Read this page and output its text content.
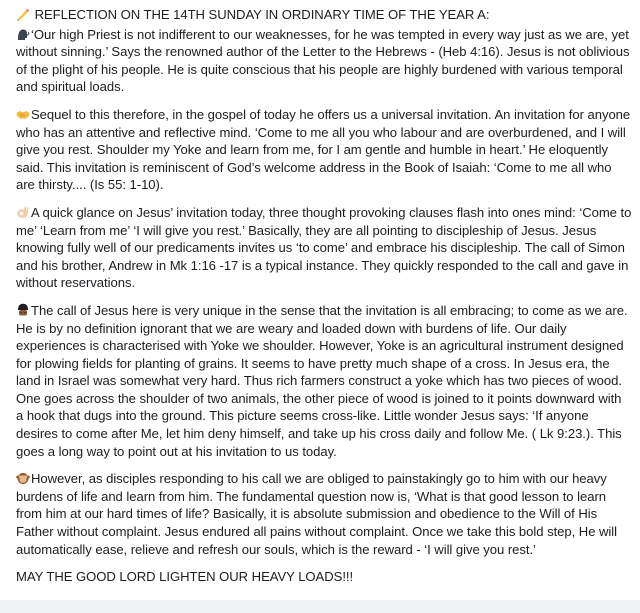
REFLECTION ON THE 14TH SUNDAY IN ORDINARY TIME OF THE YEAR A:

‘Our high Priest is not indifferent to our weaknesses, for he was tempted in every way just as we are, yet without sinning.’ Says the renowned author of the Letter to the Hebrews - (Heb 4:16). Jesus is not oblivious of the plight of his people. He is quite conscious that his people are highly burdened with various temporal and spiritual loads.

Sequel to this therefore, in the gospel of today he offers us a universal invitation. An invitation for anyone who has an attentive and reflective mind. ‘Come to me all you who labour and are overburdened, and I will give you rest. Shoulder my Yoke and learn from me, for I am gentle and humble in heart.’ He eloquently said. This invitation is reminiscent of God’s welcome address in the Book of Isaiah: ‘Come to me all who are thirsty.... (Is 55: 1-10).

A quick glance on Jesus’ invitation today, three thought provoking clauses flash into ones mind: ‘Come to me’ ‘Learn from me’ ‘I will give you rest.’ Basically, they are all pointing to discipleship of Jesus. Jesus knowing fully well of our predicaments invites us ‘to come’ and embrace his discipleship. The call of Simon and his brother, Andrew in Mk 1:16 -17 is a typical instance. They quickly responded to the call and gave in without reservations.

The call of Jesus here is very unique in the sense that the invitation is all embracing; to come as we are. He is by no definition ignorant that we are weary and loaded down with burdens of life. Our daily experiences is characterised with Yoke we shoulder. However, Yoke is an agricultural instrument designed for plowing fields for planting of grains. It seems to have pretty much shape of a cross. In Jesus era, the land in Israel was somewhat very hard. Thus rich farmers construct a yoke which has two pieces of wood. One goes across the shoulder of two animals, the other piece of wood is joined to it points downward with a hook that dugs into the ground. This picture seems cross-like. Little wonder Jesus says: ‘If anyone desires to come after Me, let him deny himself, and take up his cross daily and follow Me. ( Lk 9:23.). This goes a long way to point out at his invitation to us today.

However, as disciples responding to his call we are obliged to painstakingly go to him with our heavy burdens of life and learn from him. The fundamental question now is, ‘What is that good lesson to learn from him at our hard times of life? Basically, it is absolute submission and obedience to the Will of His Father without complaint. Jesus endured all pains without complaint. Once we take this bold step, He will automatically ease, relieve and refresh our souls, which is the reward - ‘I will give you rest.’

MAY THE GOOD LORD LIGHTEN OUR HEAVY LOADS!!!
